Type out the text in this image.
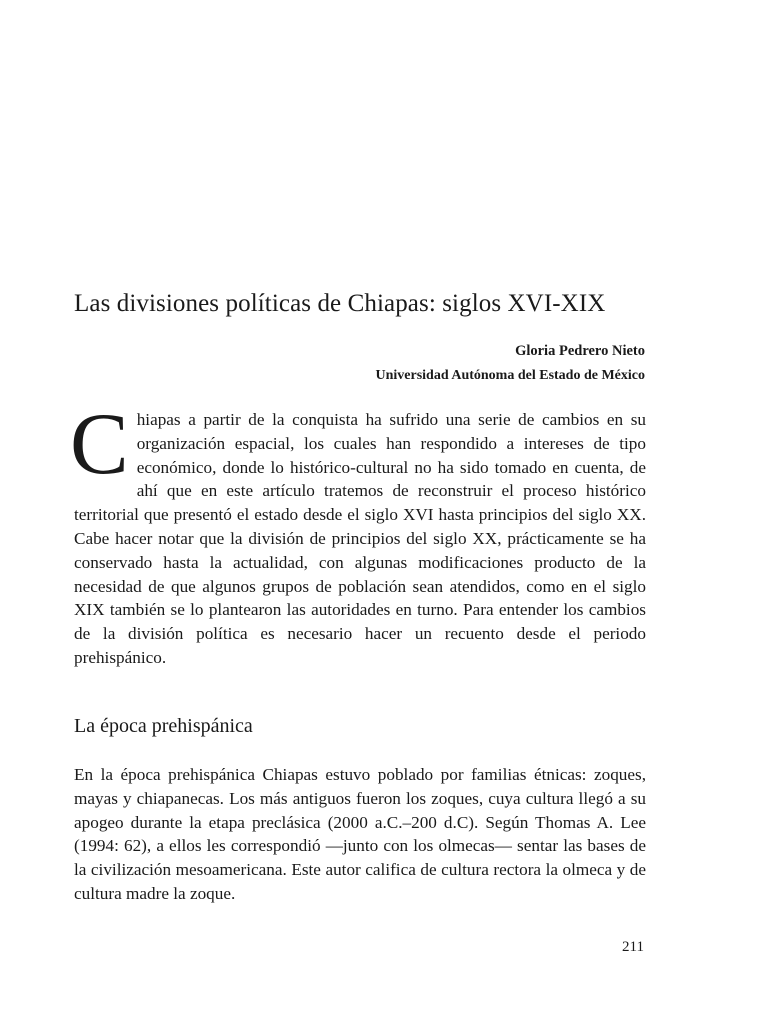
Las divisiones políticas de Chiapas: siglos XVI-XIX

Gloria Pedrero Nieto

Universidad Autónoma del Estado de México

Chiapas a partir de la conquista ha sufrido una serie de cambios en su organización espacial, los cuales han respondido a intereses de tipo económico, donde lo histórico-cultural no ha sido tomado en cuenta, de ahí que en este artículo tratemos de reconstruir el proceso histórico territorial que presentó el estado desde el siglo XVI hasta principios del siglo XX. Cabe hacer notar que la división de principios del siglo XX, prácticamente se ha conservado hasta la actualidad, con algunas modificaciones producto de la necesidad de que algunos grupos de población sean atendidos, como en el siglo XIX también se lo plantearon las autoridades en turno. Para entender los cambios de la división política es necesario hacer un recuento desde el periodo prehispánico.

La época prehispánica

En la época prehispánica Chiapas estuvo poblado por familias étnicas: zoques, mayas y chiapanecas. Los más antiguos fueron los zoques, cuya cultura llegó a su apogeo durante la etapa preclásica (2000 a.C.–200 d.C). Según Thomas A. Lee (1994: 62), a ellos les correspondió —junto con los olmecas— sentar las bases de la civilización mesoamericana. Este autor califica de cultura rectora la olmeca y de cultura madre la zoque.

211
